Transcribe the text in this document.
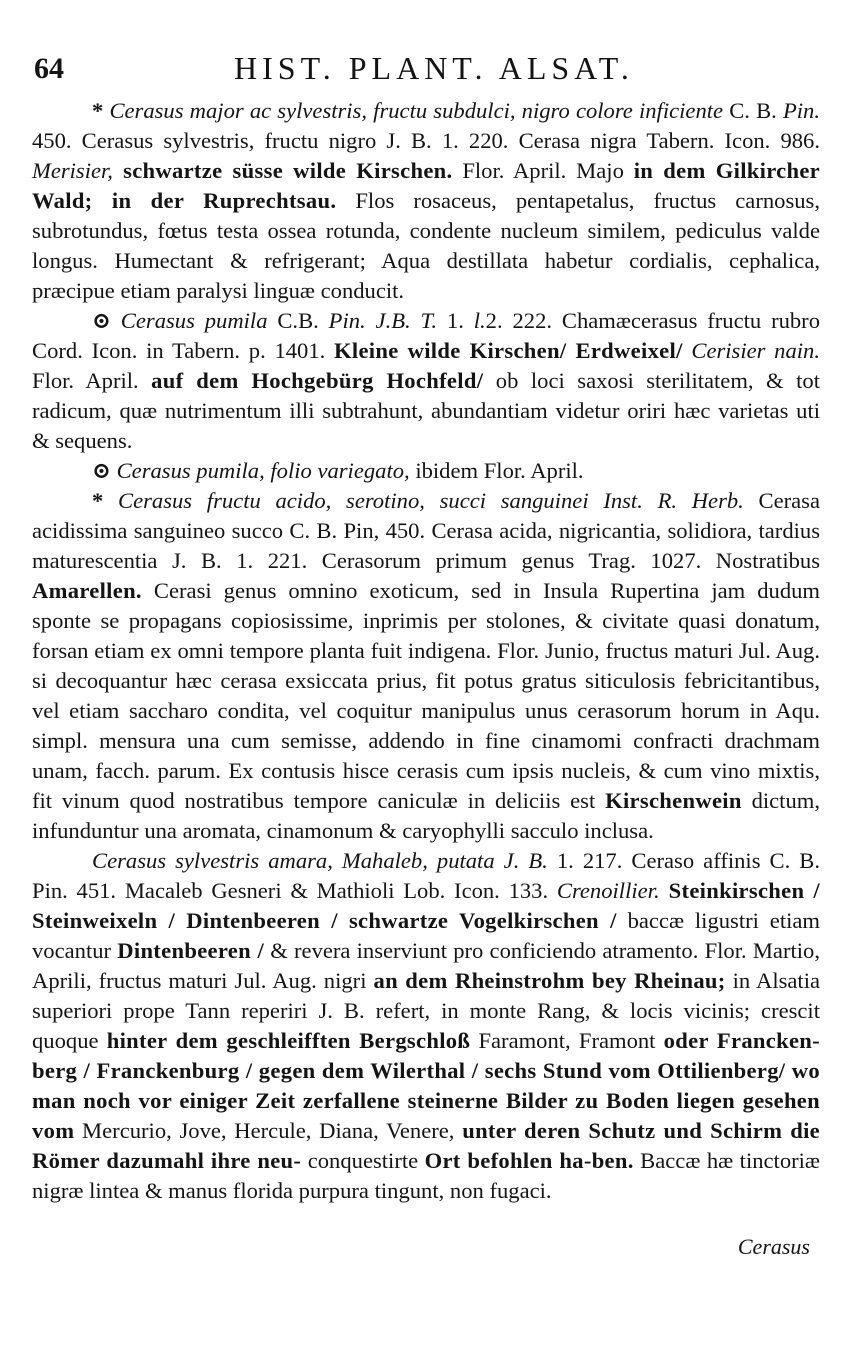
64	HIST. PLANT. ALSAT.

* Cerasus major ac sylvestris, fructu subdulci, nigro colore inficiente C. B. Pin. 450. Cerasus sylvestris, fructu nigro J. B. 1. 220. Cerasa nigra Tabern. Icon. 986. Merisier, schwartze süsse wilde Kirschen. Flor. April. Majo in dem Gilkircher Wald; in der Ruprechtsau. Flos rosaceus, pentapetalus, fructus carnosus, subrotundus, fœtus testa ossea rotunda, condente nucleum similem, pediculus valde longus. Humectant & refrigerant; Aqua destillata habetur cordialis, cephalica, præcipue etiam paralysi linguæ conducit.

⊙ Cerasus pumila C.B. Pin. J.B. T. 1. l.2. 222. Chamæcerasus fructu rubro Cord. Icon. in Tabern. p. 1401. Kleine wilde Kirschen/ Erdweixel/ Cerisier nain. Flor. April. auf dem Hochgebürg Hochfeld/ ob loci saxosi sterilitatem, & tot radicum, quæ nutrimentum illi subtrahunt, abundantiam videtur oriri hæc varietas uti & sequens.

⊙ Cerasus pumila, folio variegato, ibidem Flor. April.

* Cerasus fructu acido, serotino, succi sanguinei Inst. R. Herb. Cerasa acidissima sanguineo succo C. B. Pin, 450. Cerasa acida, nigricantia, solidiora, tardius maturescentia J. B. 1. 221. Cerasorum primum genus Trag. 1027. Nostratibus Amarellen. Cerasi genus omnino exoticum, sed in Insula Rupertina jam dudum sponte se propagans copiosissime, inprimis per stolones, & civitate quasi donatum, forsan etiam ex omni tempore planta fuit indigena. Flor. Junio, fructus maturi Jul. Aug. si decoquantur hæc cerasa exsiccata prius, fit potus gratus siticulosis febricitantibus, vel etiam saccharo condita, vel coquitur manipulus unus cerasorum horum in Aqu. simpl. mensura una cum semisse, addendo in fine cinamomi confracti drachmam unam, facch. parum. Ex contusis hisce cerasis cum ipsis nucleis, & cum vino mixtis, fit vinum quod nostratibus tempore caniculæ in deliciis est Kirschenwein dictum, infunduntur una aromata, cinamonum & caryophylli sacculo inclusa.

Cerasus sylvestris amara, Mahaleb, putata J. B. 1. 217. Ceraso affinis C. B. Pin. 451. Macaleb Gesneri & Mathioli Lob. Icon. 133. Crenoillier. Steinkirschen / Steinweixeln / Dintenbeeren / schwartze Vogelkirschen / baccæ ligustri etiam vocantur Dintenbeeren / & revera inserviunt pro conficiendo atramento. Flor. Martio, Aprili, fructus maturi Jul. Aug. nigri an dem Rheinstrohm bey Rheinau; in Alsatia superiori prope Tann reperiri J. B. refert, in monte Rang, & locis vicinis; crescit quoque hinter dem geschleifften Bergschloß Faramont, Framont oder Francken-berg / Franckenburg / gegen dem Wilerthal / sechs Stund vom Ottilienberg/ wo man noch vor einiger Zeit zerfallene steinerne Bilder zu Boden liegen gesehen vom Mercurio, Jove, Hercule, Diana, Venere, unter deren Schutz und Schirm die Römer dazumahl ihre neu- conquestirte Ort befohlen ha-ben. Baccæ hæ tinctoriæ nigræ lintea & manus florida purpura tingunt, non fugaci.

Cerasus
